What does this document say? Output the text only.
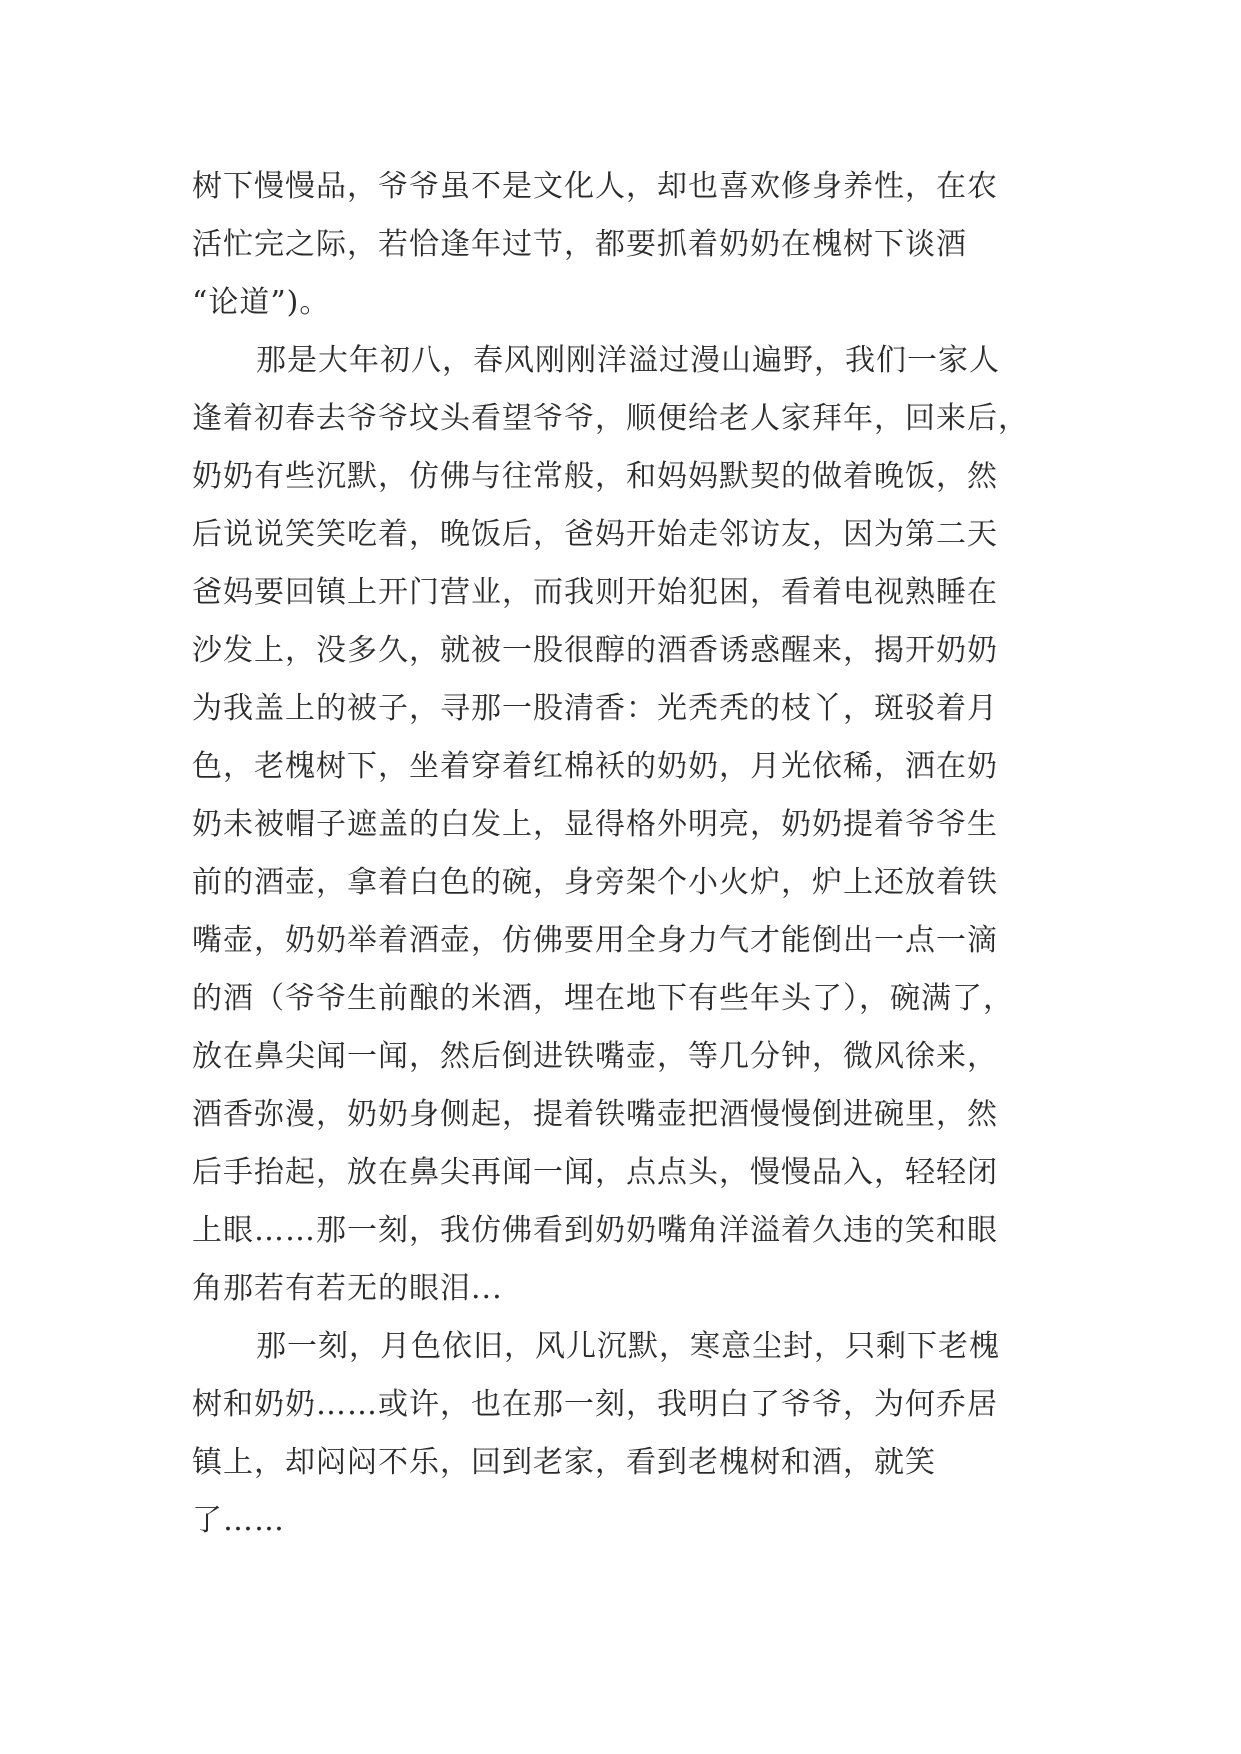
树下慢慢品，爷爷虽不是文化人，却也喜欢修身养性，在农
活忙完之际，若恰逢年过节，都要抓着奶奶在槐树下谈酒
“论道”)。
那是大年初八，春风刚刚洋溢过漫山遍野，我们一家人
逢着初春去爷爷坟头看望爷爷，顺便给老人家拜年，回来后，
奶奶有些沉默，仿佛与往常般，和妈妈默契的做着晚饭，然
后说说笑笑吃着，晚饭后，爸妈开始走邻访友，因为第二天
爸妈要回镇上开门营业，而我则开始犯困，看着电视熟睡在
沙发上，没多久，就被一股很醇的酒香诱惑醒来，揭开奶奶
为我盖上的被子，寻那一股清香：光秃秃的枝丫，斑驳着月
色，老槐树下，坐着穿着红棉袄的奶奶，月光依稀，洒在奶
奶未被帽子遮盖的白发上，显得格外明亮，奶奶提着爷爷生
前的酒壶，拿着白色的碗，身旁架个小火炉，炉上还放着铁
嘴壶，奶奶举着酒壶，仿佛要用全身力气才能倒出一点一滴
的酒（爷爷生前酿的米酒，埋在地下有些年头了），碗满了，
放在鼻尖闻一闻，然后倒进铁嘴壶，等几分钟，微风徐来，
酒香弥漫，奶奶身侧起，提着铁嘴壶把酒慢慢倒进碗里，然
后手抬起，放在鼻尖再闻一闻，点点头，慢慢品入，轻轻闭
上眼……那一刻，我仿佛看到奶奶嘴角洋溢着久违的笑和眼
角那若有若无的眼泪...
那一刻，月色依旧，风儿沉默，寒意尘封，只剩下老槐
树和奶奶……或许，也在那一刻，我明白了爷爷，为何乔居
镇上，却闷闷不乐，回到老家，看到老槐树和酒，就笑
了……
